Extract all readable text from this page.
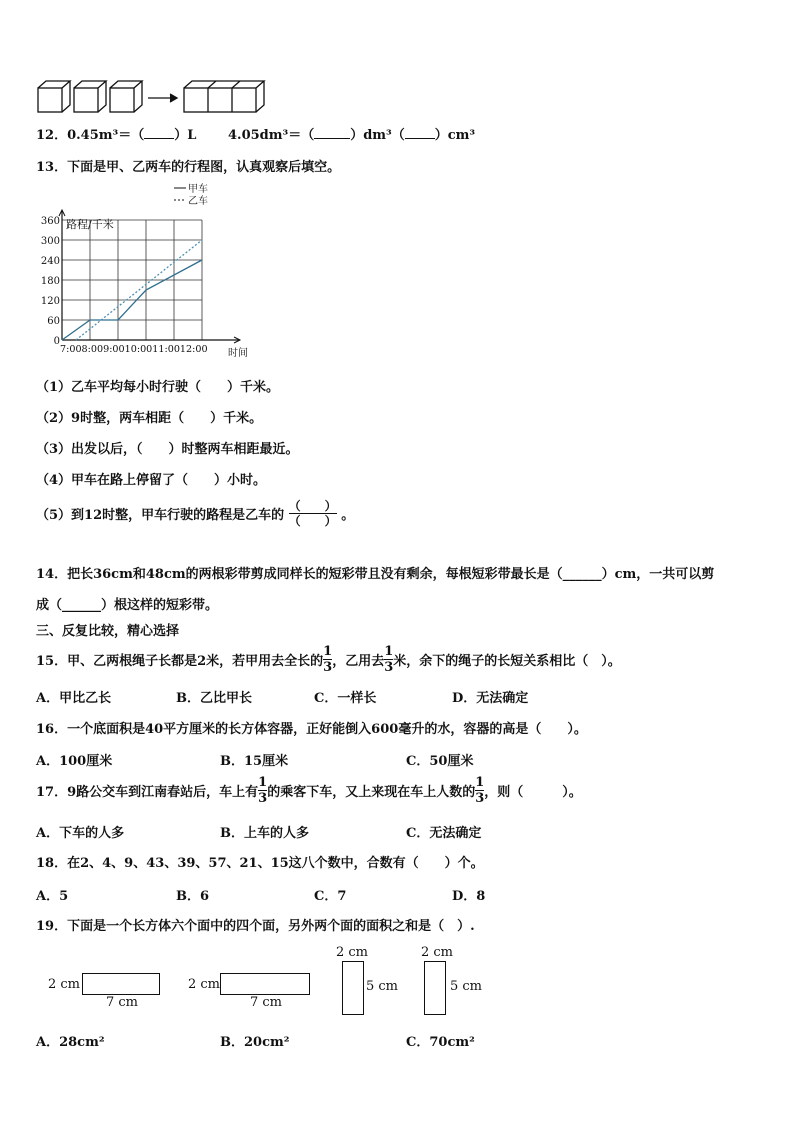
12．0.45m³＝（ ）L 4.05dm³＝（	）dm³（ ）cm³
13．下面是甲、乙两车的行程图，认真观察后填空。
0
60
120
180
240
300
360 路程/千米
时间
7:008:009:0010:0011:0012:00
甲车
乙车
（1）乙车平均每小时行驶（　　）千米。
（2）9时整，两车相距（　　）千米。
（3）出发以后，（　　）时整两车相距最近。
（4）甲车在路上停留了（　　）小时。
（5）到12时整，甲车行驶的路程是乙车的 $\frac{( )}{( )}$ 。
14．把长36cm和48cm的两根彩带剪成同样长的短彩带且没有剩余，每根短彩带最长是（______）cm，一共可以剪
成（______）根这样的短彩带。
三、反复比较，精心选择
15．甲、乙两根绳子长都是2米，若甲用去全长的 $\frac{1}{3}$ ，乙用去 $\frac{1}{3}$ 米，余下的绳子的长短关系相比（　）。
A．甲比乙长	B．乙比甲长	C．一样长	D．无法确定
16．一个底面积是40平方厘米的长方体容器，正好能倒入600毫升的水，容器的高是（　　）。
A．100厘米	B．15厘米	C．50厘米
17．9路公交车到江南春站后，车上有 $\frac{1}{3}$ 的乘客下车，又上来现在车上人数的 $\frac{1}{3}$ ，则（　　　）。
A．下车的人多	B．上车的人多	C．无法确定
18．在2、4、9、43、39、57、21、15这八个数中，合数有（　　）个。
A．5	B．6	C．7	D．8
19．下面是一个长方体六个面中的四个面，另外两个面的面积之和是（　）.
2 cm
7 cm
2 cm
7 cm
2 cm
5 cm
2 cm
5 cm
A．28cm²	B．20cm²	C．70cm²
